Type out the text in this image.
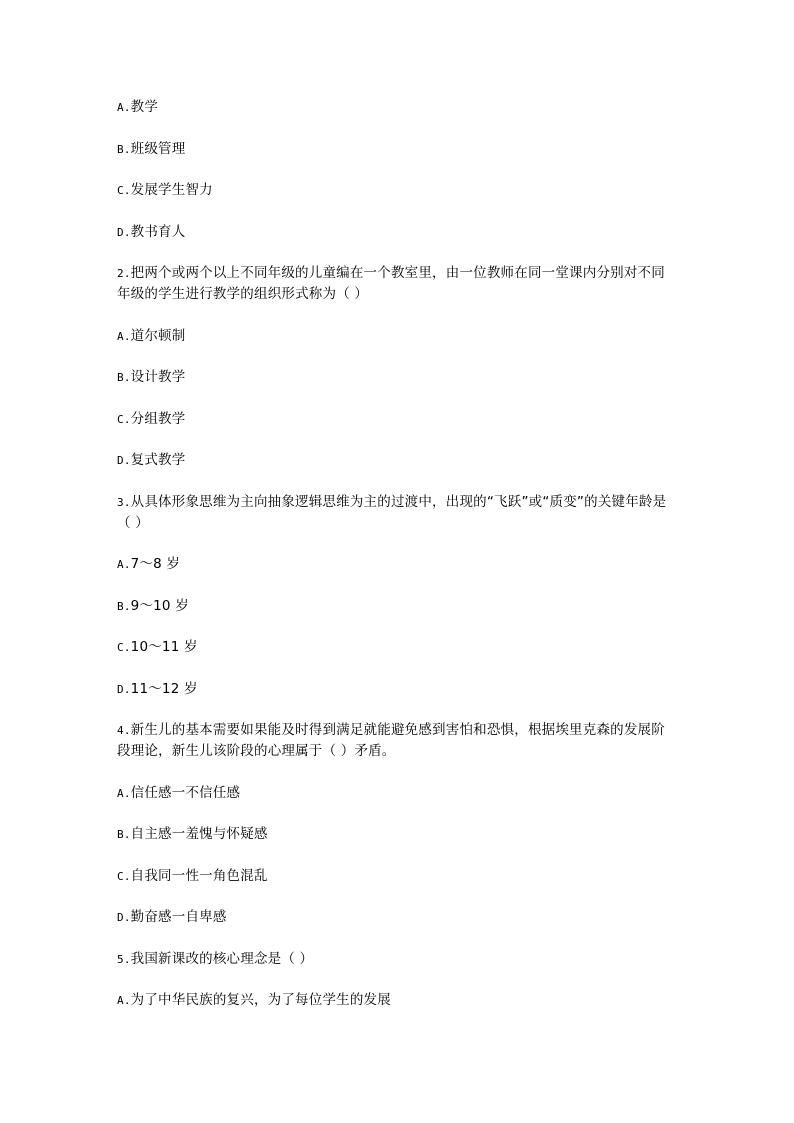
A.教学

B.班级管理

C.发展学生智力

D.教书育人

2.把两个或两个以上不同年级的儿童编在一个教室里，由一位教师在同一堂课内分别对不同年级的学生进行教学的组织形式称为（ ）

A.道尔顿制

B.设计教学

C.分组教学

D.复式教学

3.从具体形象思维为主向抽象逻辑思维为主的过渡中，出现的“飞跃”或“质变”的关键年龄是（ ）

A.7～8 岁

B.9～10 岁

C.10～11 岁

D.11～12 岁

4.新生儿的基本需要如果能及时得到满足就能避免感到害怕和恐惧，根据埃里克森的发展阶段理论，新生儿该阶段的心理属于（ ）矛盾。

A.信任感一不信任感

B.自主感一羞愧与怀疑感

C.自我同一性一角色混乱

D.勤奋感一自卑感

5.我国新课改的核心理念是（ ）

A.为了中华民族的复兴，为了每位学生的发展
